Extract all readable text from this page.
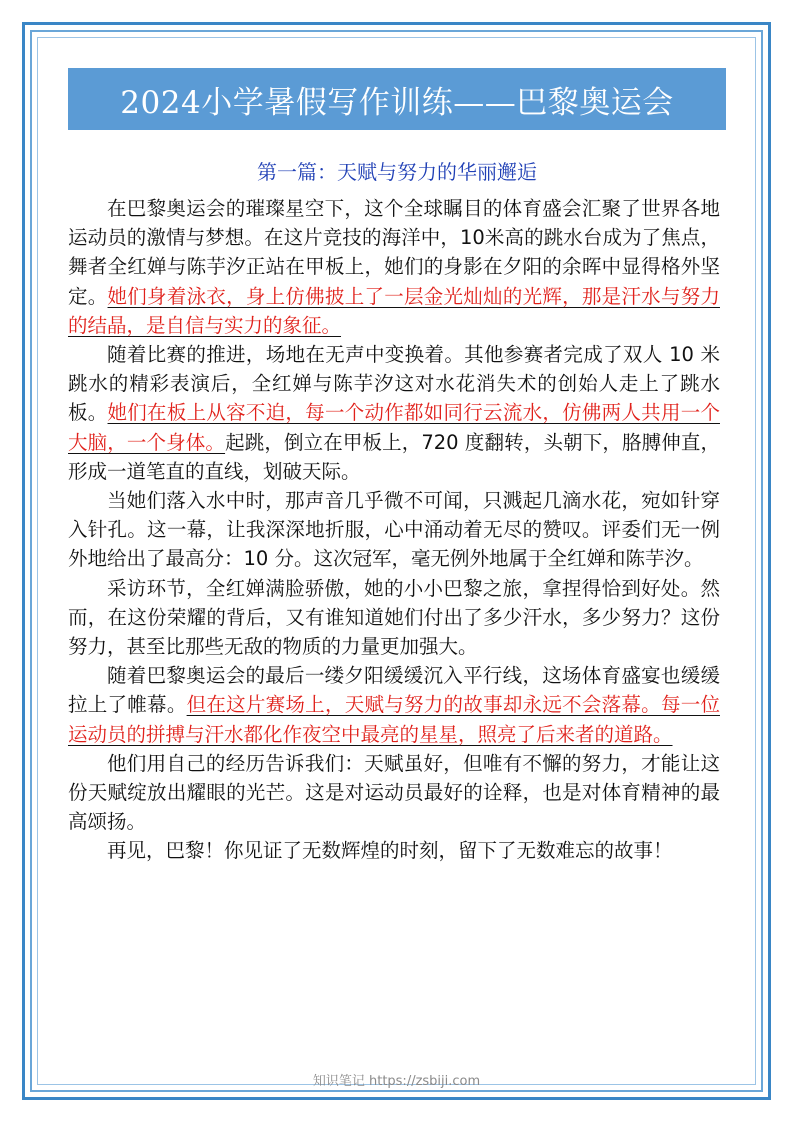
2024小学暑假写作训练——巴黎奥运会
第一篇：天赋与努力的华丽邂逅

在巴黎奥运会的璀璨星空下，这个全球瞩目的体育盛会汇聚了世界各地运动员的激情与梦想。在这片竞技的海洋中，10米高的跳水台成为了焦点，舞者全红婵与陈芋汐正站在甲板上，她们的身影在夕阳的余晖中显得格外坚定。她们身着泳衣，身上仿佛披上了一层金光灿灿的光辉，那是汗水与努力的结晶，是自信与实力的象征。

随着比赛的推进，场地在无声中变换着。其他参赛者完成了双人 10 米跳水的精彩表演后，全红婵与陈芋汐这对水花消失术的创始人走上了跳水板。她们在板上从容不迫，每一个动作都如同行云流水，仿佛两人共用一个大脑，一个身体。起跳，倒立在甲板上，720 度翻转，头朝下，胳膊伸直，形成一道笔直的直线，划破天际。

当她们落入水中时，那声音几乎微不可闻，只溅起几滴水花，宛如针穿入针孔。这一幕，让我深深地折服，心中涌动着无尽的赞叹。评委们无一例外地给出了最高分：10 分。这次冠军，毫无例外地属于全红婵和陈芋汐。

采访环节，全红婵满脸骄傲，她的小小巴黎之旅，拿捏得恰到好处。然而，在这份荣耀的背后，又有谁知道她们付出了多少汗水，多少努力？这份努力，甚至比那些无敌的物质的力量更加强大。

随着巴黎奥运会的最后一缕夕阳缓缓沉入平行线，这场体育盛宴也缓缓拉上了帷幕。但在这片赛场上，天赋与努力的故事却永远不会落幕。每一位运动员的拼搏与汗水都化作夜空中最亮的星星，照亮了后来者的道路。

他们用自己的经历告诉我们：天赋虽好，但唯有不懈的努力，才能让这份天赋绽放出耀眼的光芒。这是对运动员最好的诠释，也是对体育精神的最高颂扬。

再见，巴黎！你见证了无数辉煌的时刻，留下了无数难忘的故事！

知识笔记 https://zsbiji.com
